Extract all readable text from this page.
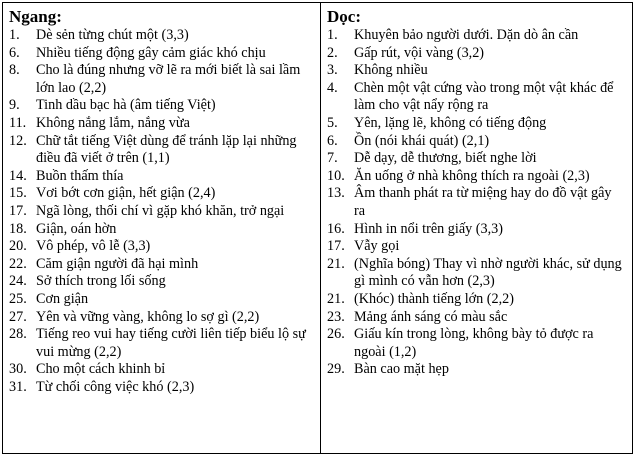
Ngang:
1.	Dè sẻn từng chút một (3,3)
6.	Nhiều tiếng động gây cảm giác khó chịu
8.	Cho là đúng nhưng vỡ lẽ ra mới biết là sai lầm lớn lao (2,2)
9.	Tinh dầu bạc hà (âm tiếng Việt)
11. Không nắng lắm, nắng vừa
12. Chữ tắt tiếng Việt dùng để tránh lặp lại những điều đã viết ở trên (1,1)
14. Buồn thấm thía
15. Vơi bớt cơn giận, hết giận (2,4)
17. Ngã lòng, thối chí vì gặp khó khăn, trở ngại
18. Giận, oán hờn
20. Vô phép, vô lễ (3,3)
22. Căm giận người đã hại mình
24. Sở thích trong lối sống
25. Cơn giận
27. Yên và vững vàng, không lo sợ gì (2,2)
28. Tiếng reo vui hay tiếng cười liên tiếp biểu lộ sự vui mừng (2,2)
30. Cho một cách khinh bỉ
31. Từ chối công việc khó (2,3)
Dọc:
1.	Khuyên bảo người dưới. Dặn dò ân cần
2.	Gấp rút, vội vàng (3,2)
3.	Không nhiều
4.	Chèn một vật cứng vào trong một vật khác để làm cho vật nẩy rộng ra
5.	Yên, lặng lẽ, không có tiếng động
6.	Ồn (nói khái quát) (2,1)
7.	Dễ dạy, dễ thương, biết nghe lời
10. Ăn uống ở nhà không thích ra ngoài (2,3)
13. Âm thanh phát ra từ miệng hay do đồ vật gây ra
16. Hình in nổi trên giấy (3,3)
17. Vẫy gọi
21. (Nghĩa bóng) Thay vì nhờ người khác, sử dụng gì mình có vẫn hơn (2,3)
21. (Khóc) thành tiếng lớn (2,2)
23. Mảng ánh sáng có màu sắc
26. Giấu kín trong lòng, không bày tỏ được ra ngoài (1,2)
29. Bàn cao mặt hẹp
